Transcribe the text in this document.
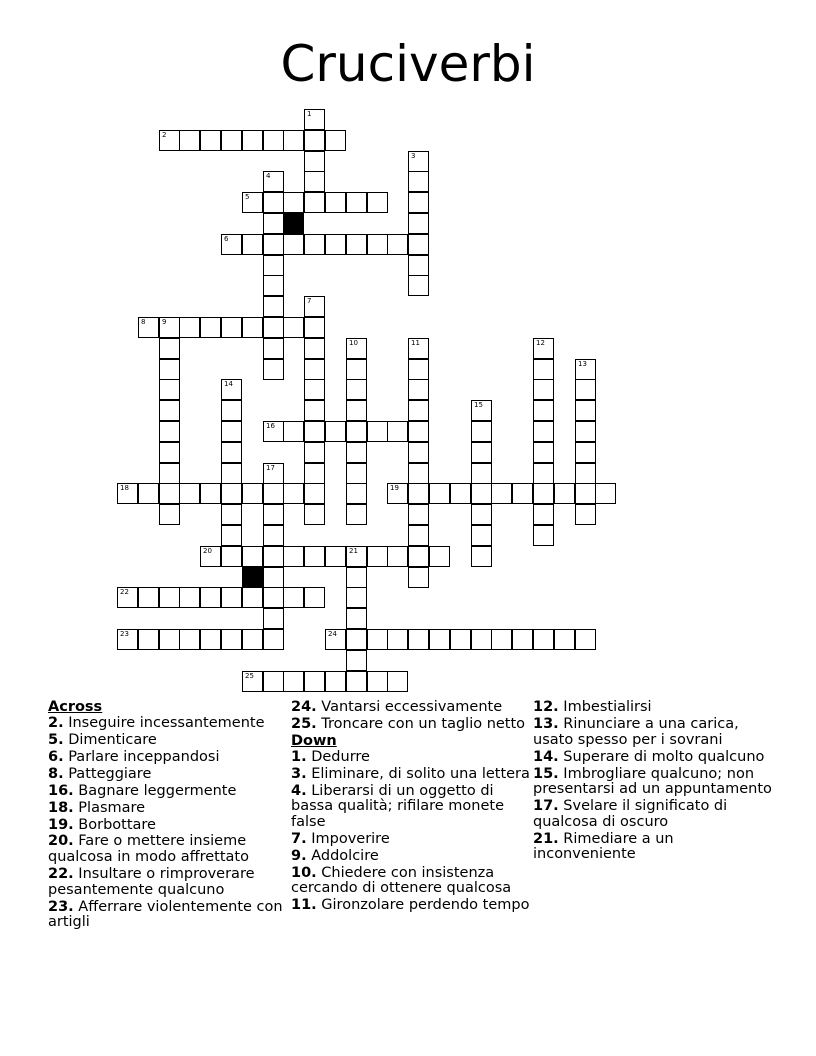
Cruciverbi
2
5
6
8 9
16
18	19
20	21
22
23	24
25
1
3
4
7
10	11	12
13
14
15
17
Across
2. Inseguire incessantemente
5. Dimenticare
6. Parlare inceppandosi
8. Patteggiare
16. Bagnare leggermente
18. Plasmare
19. Borbottare
20. Fare o mettere insieme qualcosa in modo affrettato
22. Insultare o rimproverare pesantemente qualcuno
23. Afferrare violentemente con artigli
24. Vantarsi eccessivamente
25. Troncare con un taglio netto
Down
1. Dedurre
3. Eliminare, di solito una lettera
4. Liberarsi di un oggetto di bassa qualità; rifilare monete false
7. Impoverire
9. Addolcire
10. Chiedere con insistenza cercando di ottenere qualcosa
11. Gironzolare perdendo tempo
12. Imbestialirsi
13. Rinunciare a una carica, usato spesso per i sovrani
14. Superare di molto qualcuno
15. Imbrogliare qualcuno; non presentarsi ad un appuntamento
17. Svelare il significato di qualcosa di oscuro
21. Rimediare a un inconveniente
